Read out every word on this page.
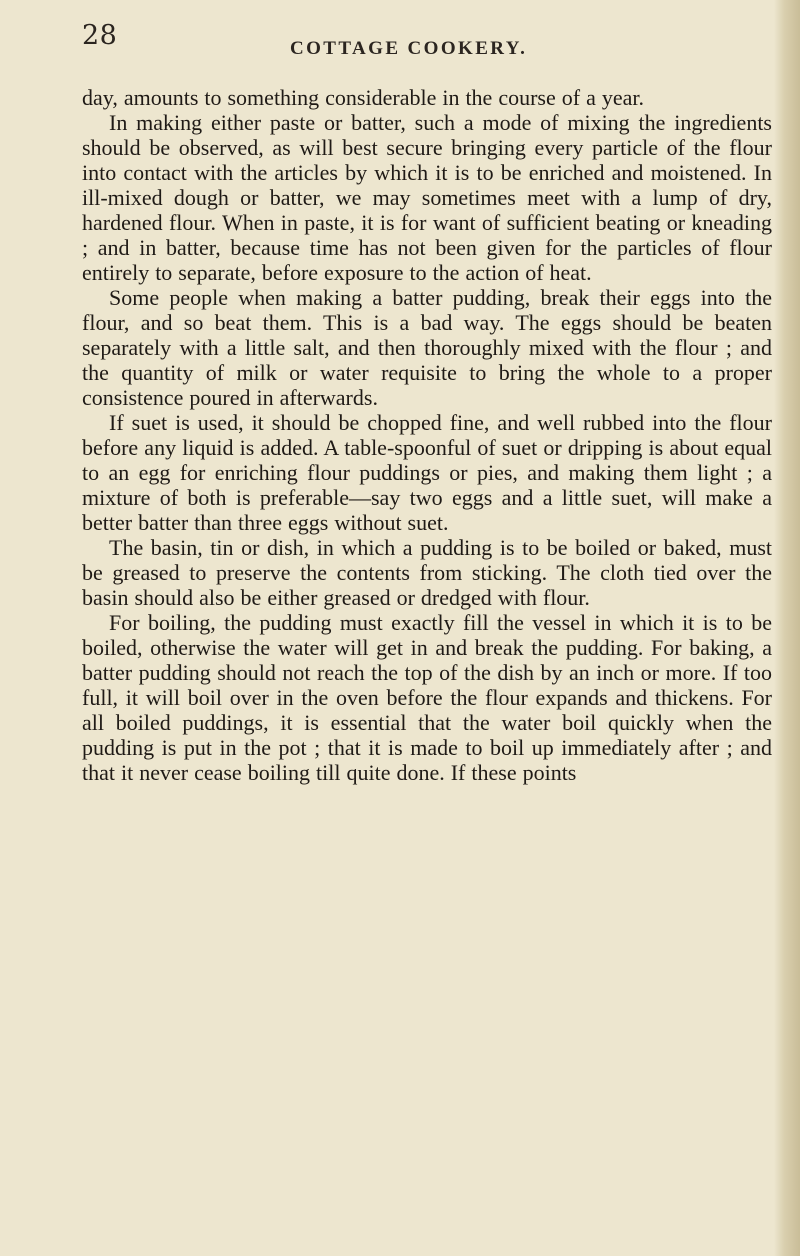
28	COTTAGE COOKERY.

day, amounts to something considerable in the course of a year.

In making either paste or batter, such a mode of mixing the ingredients should be observed, as will best secure bringing every particle of the flour into contact with the articles by which it is to be enriched and moistened. In ill-mixed dough or batter, we may sometimes meet with a lump of dry, hardened flour. When in paste, it is for want of sufficient beating or kneading ; and in batter, because time has not been given for the particles of flour entirely to separate, before exposure to the action of heat.

Some people when making a batter pudding, break their eggs into the flour, and so beat them. This is a bad way. The eggs should be beaten separately with a little salt, and then thoroughly mixed with the flour ; and the quantity of milk or water requisite to bring the whole to a proper consistence poured in afterwards.

If suet is used, it should be chopped fine, and well rubbed into the flour before any liquid is added. A table-spoonful of suet or dripping is about equal to an egg for enriching flour puddings or pies, and making them light ; a mixture of both is preferable—say two eggs and a little suet, will make a better batter than three eggs without suet.

The basin, tin or dish, in which a pudding is to be boiled or baked, must be greased to preserve the contents from sticking. The cloth tied over the basin should also be either greased or dredged with flour.

For boiling, the pudding must exactly fill the vessel in which it is to be boiled, otherwise the water will get in and break the pudding. For baking, a batter pudding should not reach the top of the dish by an inch or more. If too full, it will boil over in the oven before the flour expands and thickens. For all boiled puddings, it is essential that the water boil quickly when the pudding is put in the pot ; that it is made to boil up immediately after ; and that it never cease boiling till quite done. If these points
